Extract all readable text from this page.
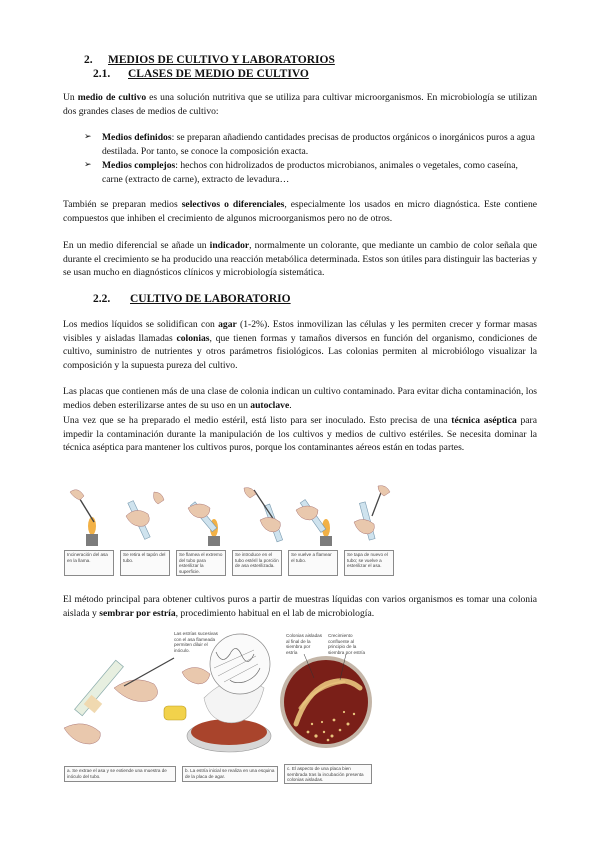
2. MEDIOS DE CULTIVO Y LABORATORIOS
2.1. CLASES DE MEDIO DE CULTIVO
Un medio de cultivo es una solución nutritiva que se utiliza para cultivar microorganismos. En microbiología se utilizan dos grandes clases de medios de cultivo:
➢ Medios definidos: se preparan añadiendo cantidades precisas de productos orgánicos o inorgánicos puros a agua destilada. Por tanto, se conoce la composición exacta.
➢ Medios complejos: hechos con hidrolizados de productos microbianos, animales o vegetales, como caseína, carne (extracto de carne), extracto de levadura…
También se preparan medios selectivos o diferenciales, especialmente los usados en micro diagnóstica. Este contiene compuestos que inhiben el crecimiento de algunos microorganismos pero no de otros.
En un medio diferencial se añade un indicador, normalmente un colorante, que mediante un cambio de color señala que durante el crecimiento se ha producido una reacción metabólica determinada. Estos son útiles para distinguir las bacterias y se usan mucho en diagnósticos clínicos y microbiología sistemática.
2.2. CULTIVO DE LABORATORIO
Los medios líquidos se solidifican con agar (1-2%). Estos inmovilizan las células y les permiten crecer y formar masas visibles y aisladas llamadas colonias, que tienen formas y tamaños diversos en función del organismo, condiciones de cultivo, suministro de nutrientes y otros parámetros fisiológicos. Las colonias permiten al microbiólogo visualizar la composición y la supuesta pureza del cultivo.
Las placas que contienen más de una clase de colonia indican un cultivo contaminado. Para evitar dicha contaminación, los medios deben esterilizarse antes de su uso en un autoclave.
Una vez que se ha preparado el medio estéril, está listo para ser inoculado. Esto precisa de una técnica aséptica para impedir la contaminación durante la manipulación de los cultivos y medios de cultivo estériles. Se necesita dominar la técnica aséptica para mantener los cultivos puros, porque los contaminantes aéreos están en todas partes.
Incineración del asa en la llama.
Se retira el tapón del tubo.
Se flamea el extremo del tubo para esterilizar la superficie.
Se introduce en el tubo estéril la porción de asa esterilizada.
Se vuelve a flamear el tubo.
Se tapa de nuevo el tubo; se vuelve a esterilizar el asa.
El método principal para obtener cultivos puros a partir de muestras líquidas con varios organismos es tomar una colonia aislada y sembrar por estría, procedimiento habitual en el lab de microbiología.
Las estrías sucesivas con el asa flameada permiten diluir el inóculo.
Colonias aisladas al final de la siembra por estría
Crecimiento confluente al principio de la siembra por estría
a. Se extrae el asa y se extiende una muestra de inóculo del tubo.
b. La estría inicial se realiza en una esquina de la placa de agar.
c. El aspecto de una placa bien sembrada tras la incubación presenta colonias aisladas.
